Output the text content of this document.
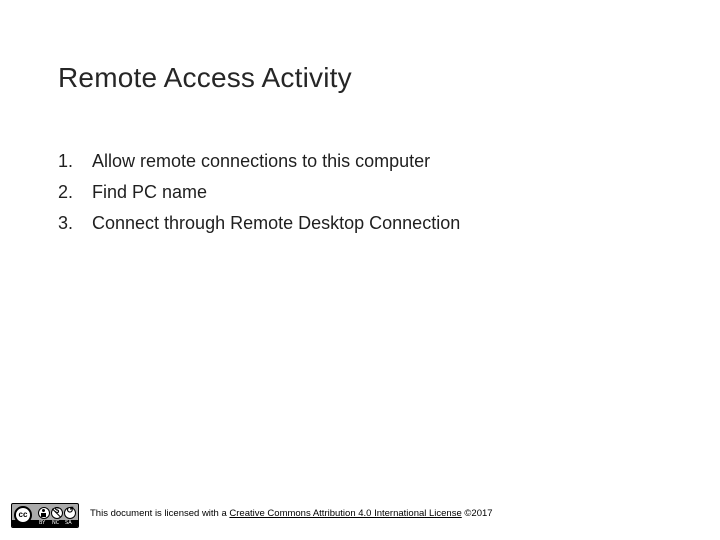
Remote Access Activity
1.	Allow remote connections to this computer
2.	Find PC name
3.	Connect through Remote Desktop Connection
cc
$
↺
BY NC SA
This document is licensed with a Creative Commons Attribution 4.0 International License ©2017
